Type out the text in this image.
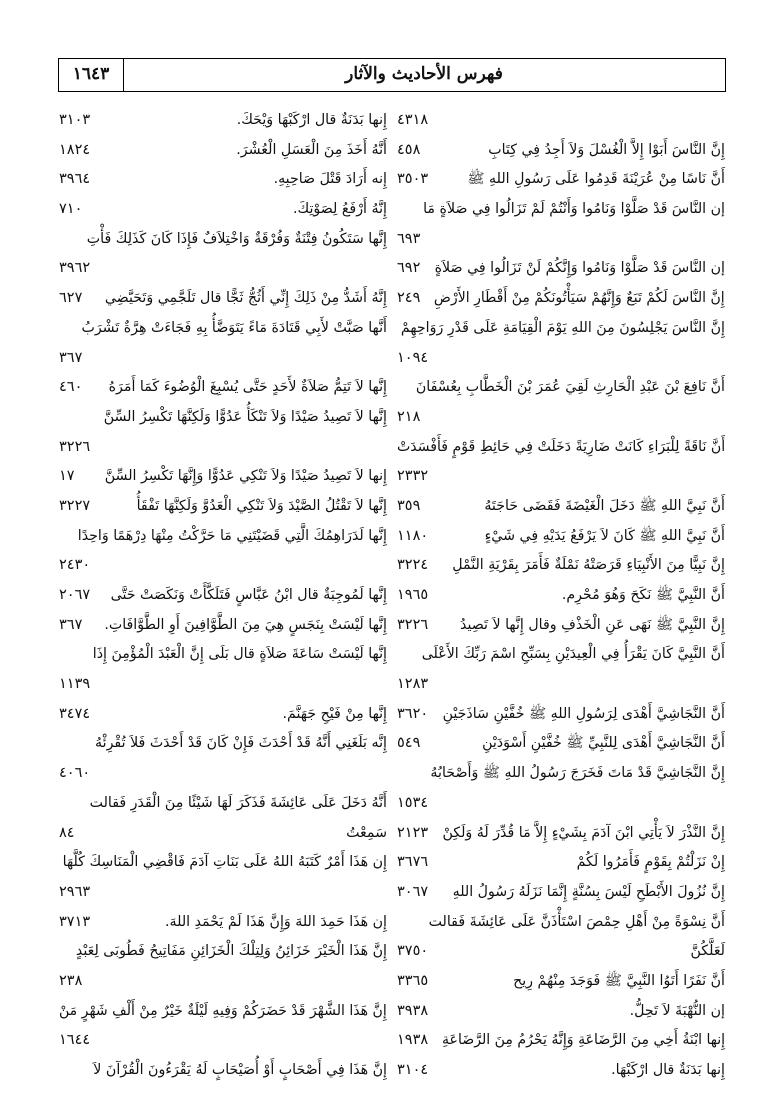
فهرس الأحاديث والآثار
١٦٤٣
٤٣١٨
إِنَّ النَّاسَ أَبَوْا إِلاَّ الْغُسْلَ وَلاَ أَجِدُ فِي كِتَابِ
٤٥٨
أَنَّ نَاسًا مِنْ عُرَيْنَةَ قَدِمُوا عَلَى رَسُولِ اللهِ ﷺ
٣٥٠٣
إن النَّاسَ قَدْ صَلَّوْا وَنَامُوا وَأَنْتُمْ لَمْ تَزَالُوا فِي صَلاَةٍ مَا
٦٩٣
إن النَّاسَ قَدْ صَلَّوْا وَنَامُوا وَإِنَّكُمْ لَنْ تَزَالُوا فِي صَلاَةٍ
٦٩٢
إِنَّ النَّاسَ لَكُمْ تَبَعٌ وَإِنَّهُمْ سَيَأْتُونَكُمْ مِنْ أَقْطَارِ الأَرْضِ
٢٤٩
إِنَّ النَّاسَ يَجْلِسُونَ مِنَ اللهِ يَوْمَ الْقِيَامَةِ عَلَى قَدْرِ رَوَاحِهِمْ
١٠٩٤
أَنَّ نَافِعَ بْنَ عَبْدِ الْحَارِثِ لَقِيَ عُمَرَ بْنَ الْخَطَّابِ بِعُسْفَانَ
٢١٨
أَنَّ نَاقَةً لِلْبَرَاءِ كَانَتْ ضَارِيَةً دَخَلَتْ فِي حَائِطِ قَوْمٍ فَأَفْسَدَتْ
٢٣٣٢
أَنَّ نَبِيَّ اللهِ ﷺ دَخَلَ الْغَيْضَةَ فَقَضَى حَاجَتَهُ
٣٥٩
أَنَّ نَبِيَّ اللهِ ﷺ كَانَ لاَ يَرْفَعُ يَدَيْهِ فِي شَيْءٍ
١١٨٠
إِنَّ نَبِيًّا مِنَ الأَنْبِيَاءِ قَرَصَتْهُ نَمْلَةٌ فَأَمَرَ بِقَرْيَةِ النَّمْلِ
٣٢٢٤
أَنَّ النَّبِيَّ ﷺ نَكَحَ وَهُوَ مُحْرِم.
١٩٦٥
إِنَّ النَّبِيَّ ﷺ نَهَى عَنِ الْخَذْفِ وقال إِنَّها لاَ تَصِيدُ
٣٢٢٦
أَنَّ النَّبِيَّ كَانَ يَقْرَأُ فِي الْعِيدَيْنِ بِسَبِّحِ اسْمَ رَبِّكَ الأَعْلَى
١٢٨٣
أَنَّ النَّجَاشِيَّ أَهْدَى لِرَسُولِ اللهِ ﷺ خُفَّيْنِ سَاذَجَيْنِ
٣٦٢٠
أَنَّ النَّجَاشِيَّ أَهْدَى لِلنَّبِيِّ ﷺ خُفَّيْنِ أَسْوَدَيْنِ
٥٤٩
إِنَّ النَّجَاشِيَّ قَدْ مَاتَ فَخَرَجَ رَسُولُ اللهِ ﷺ وَأَصْحَابُهُ
١٥٣٤
إِنَّ النَّذْرَ لاَ يَأْتِي ابْنَ آدَمَ بِشَيْءٍ إِلاَّ مَا قُدِّرَ لَهُ وَلَكِنْ
٢١٢٣
إِنْ نَزَلْتُمْ بِقَوْمٍ فَأَمَرُوا لَكُمْ
٣٦٧٦
إِنَّ نُزُولَ الأَبْطَحِ لَيْسَ بِسُنَّةٍ إِنَّمَا نَزَلَهُ رَسُولُ اللهِ
٣٠٦٧
أَنَّ نِسْوَةً مِنْ أَهْلِ حِمْصَ اسْتَأْذَنَّ عَلَى عَائِشَةَ فَقالت
لَعَلَّكُنَّ
٣٧٥٠
أَنَّ نَفَرًا أَتَوُا النَّبِيَّ ﷺ فَوَجَدَ مِنْهُمْ رِيح
٣٣٦٥
إن النُّهْبَةَ لاَ تَحِلُّ.
٣٩٣٨
إِنها ابْنَةُ أَخِي مِنَ الرَّضَاعَةِ وَإِنَّهُ يَحْرُمُ مِنَ الرَّضَاعَةِ
١٩٣٨
إِنها بَدَنَةٌ قال ارْكَبْهَا.
٣١٠٤
إِنها بَدَنَةٌ قال ارْكَبْهَا وَيْحَكَ.
٣١٠٣
أَنَّهُ أَخَذَ مِنَ الْعَسَلِ الْعُشْرَ.
١٨٢٤
إِنه أَرَادَ قَتْلَ صَاحِبِهِ.
٣٩٦٤
إِنَّهُ أَرْفَعُ لِصَوْتِكَ.
٧١٠
إِنَّها سَتَكُونُ فِتْنَةٌ وَفُرْقَةٌ وَاخْتِلاَفٌ فَإِذَا كَانَ كَذَلِكَ فَأْتِ
٣٩٦٢
إِنَّهُ أَشَدُّ مِنْ ذَلِكَ إِنِّي أَثُجُّ ثَجًّا قال تَلَجَّمِي وَتَحَيَّضِي
٦٢٧
أَنَّها صَبَّتْ لأَبِي قَتَادَةَ مَاءً يَتَوَضَّأُ بِهِ فَجَاءَتْ هِرَّةٌ تَشْرَبُ
٣٦٧
إِنَّها لاَ تَتِمُّ صَلاَةٌ لأَحَدٍ حَتَّى يُسْبِغَ الْوُضُوءَ كَمَا أَمَرَهُ
٤٦٠
إِنَّها لاَ تَصِيدُ صَيْدًا وَلاَ تَنْكَأُ عَدُوًّا وَلَكِنَّهَا تَكْسِرُ السِّنَّ
٣٢٢٦
إِنها لاَ تَصِيدُ صَيْدًا وَلاَ تَنْكِي عَدُوًّا وَإِنَّهَا تَكْسِرُ السِّنَّ
١٧
إِنَّها لاَ تَقْتُلُ الصَّيْدَ وَلاَ تَنْكِي الْعَدُوَّ وَلَكِنَّهَا تَفْقَأُ
٣٢٢٧
إِنَّها لَدَرَاهِمُكَ الَّتِي قَضَيْتَنِي مَا حَرَّكْتُ مِنْهَا دِرْهَمًا وَاحِدًا
٢٤٣٠
إِنَّها لَمُوجِبَةٌ قال ابْنُ عَبَّاسٍ فَتَلَكَّأَتْ وَنَكَصَتْ حَتَّى
٢٠٦٧
إِنَّها لَيْسَتْ بِنَجَسٍ هِيَ مِنَ الطَّوَّافِينَ أَوِ الطَّوَّافَاتِ.
٣٦٧
إِنَّها لَيْسَتْ سَاعَةَ صَلاَةٍ قال بَلَى إِنَّ الْعَبْدَ الْمُؤْمِنَ إِذَا
١١٣٩
إِنَّها مِنْ فَيْحِ جَهَنَّمَ.
٣٤٧٤
إِنَّه بَلَغَنِي أَنَّهُ قَدْ أَحْدَثَ فَإِنْ كَانَ قَدْ أَحْدَثَ فَلاَ تُقْرِئْهُ
٤٠٦٠
أَنَّهُ دَخَلَ عَلَى عَائِشَةَ فَذَكَرَ لَهَا شَيْئًا مِنَ الْقَدَرِ فَقالت
سَمِعْتُ
٨٤
إِن هَذَا أَمْرٌ كَتَبَهُ اللهُ عَلَى بَنَاتِ آدَمَ فَاقْضِي الْمَنَاسِكَ كُلَّهَا
٢٩٦٣
إِن هَذَا حَمِدَ اللهَ وَإِنَّ هَذَا لَمْ يَحْمَدِ اللهَ.
٣٧١٣
إِنَّ هَذَا الْخَيْرَ خَزَائِنُ وَلِتِلْكَ الْخَزَائِنِ مَفَاتِيحُ فَطُوبَى لِعَبْدٍ
٢٣٨
إِنَّ هَذَا الشَّهْرَ قَدْ حَضَرَكُمْ وَفِيهِ لَيْلَةٌ خَيْرٌ مِنْ أَلْفِ شَهْرٍ مَنْ
١٦٤٤
إِنَّ هَذَا فِي أَصْحَابٍ أَوْ أُصَيْحَابٍ لَهُ يَقْرَءُونَ الْقُرْآنَ لاَ
